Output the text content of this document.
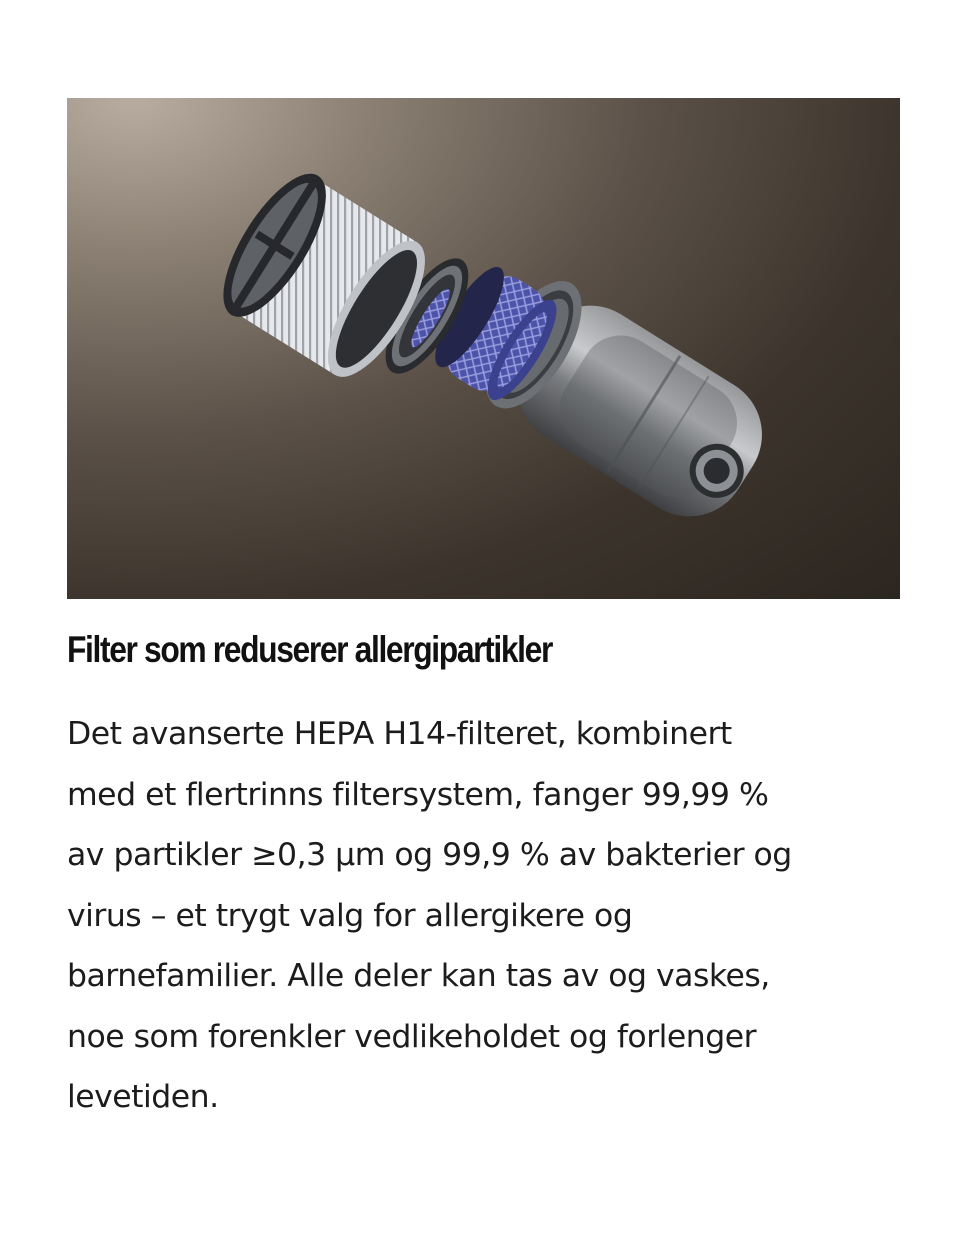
Filter som reduserer allergipartikler

Det avanserte HEPA H14-filteret, kombinert
med et flertrinns filtersystem, fanger 99,99 %
av partikler ≥0,3 µm og 99,9 % av bakterier og
virus – et trygt valg for allergikere og
barnefamilier. Alle deler kan tas av og vaskes,
noe som forenkler vedlikeholdet og forlenger
levetiden.
